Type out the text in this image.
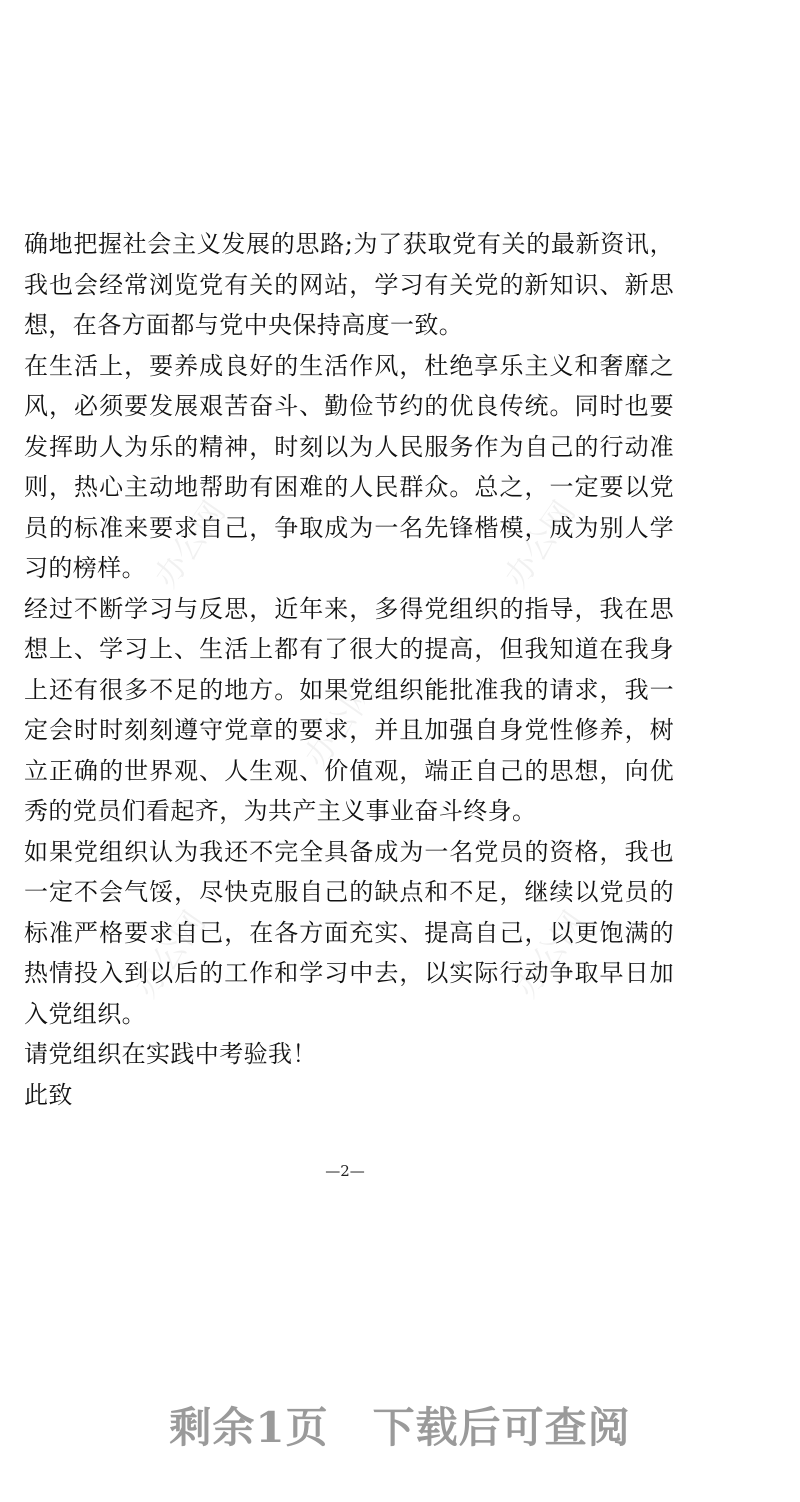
办公网	办公网
办公网
办公网	办公网

确地把握社会主义发展的思路;为了获取党有关的最新资讯，我也会经常浏览党有关的网站，学习有关党的新知识、新思想，在各方面都与党中央保持高度一致。

在生活上，要养成良好的生活作风，杜绝享乐主义和奢靡之风，必须要发展艰苦奋斗、勤俭节约的优良传统。同时也要发挥助人为乐的精神，时刻以为人民服务作为自己的行动准则，热心主动地帮助有困难的人民群众。总之，一定要以党员的标准来要求自己，争取成为一名先锋楷模，成为别人学习的榜样。

经过不断学习与反思，近年来，多得党组织的指导，我在思想上、学习上、生活上都有了很大的提高，但我知道在我身上还有很多不足的地方。如果党组织能批准我的请求，我一定会时时刻刻遵守党章的要求，并且加强自身党性修养，树立正确的世界观、人生观、价值观，端正自己的思想，向优秀的党员们看起齐，为共产主义事业奋斗终身。

如果党组织认为我还不完全具备成为一名党员的资格，我也一定不会气馁，尽快克服自己的缺点和不足，继续以党员的标准严格要求自己，在各方面充实、提高自己，以更饱满的热情投入到以后的工作和学习中去，以实际行动争取早日加入党组织。

请党组织在实践中考验我！

此致

—2—
剩余1页 下载后可查阅
